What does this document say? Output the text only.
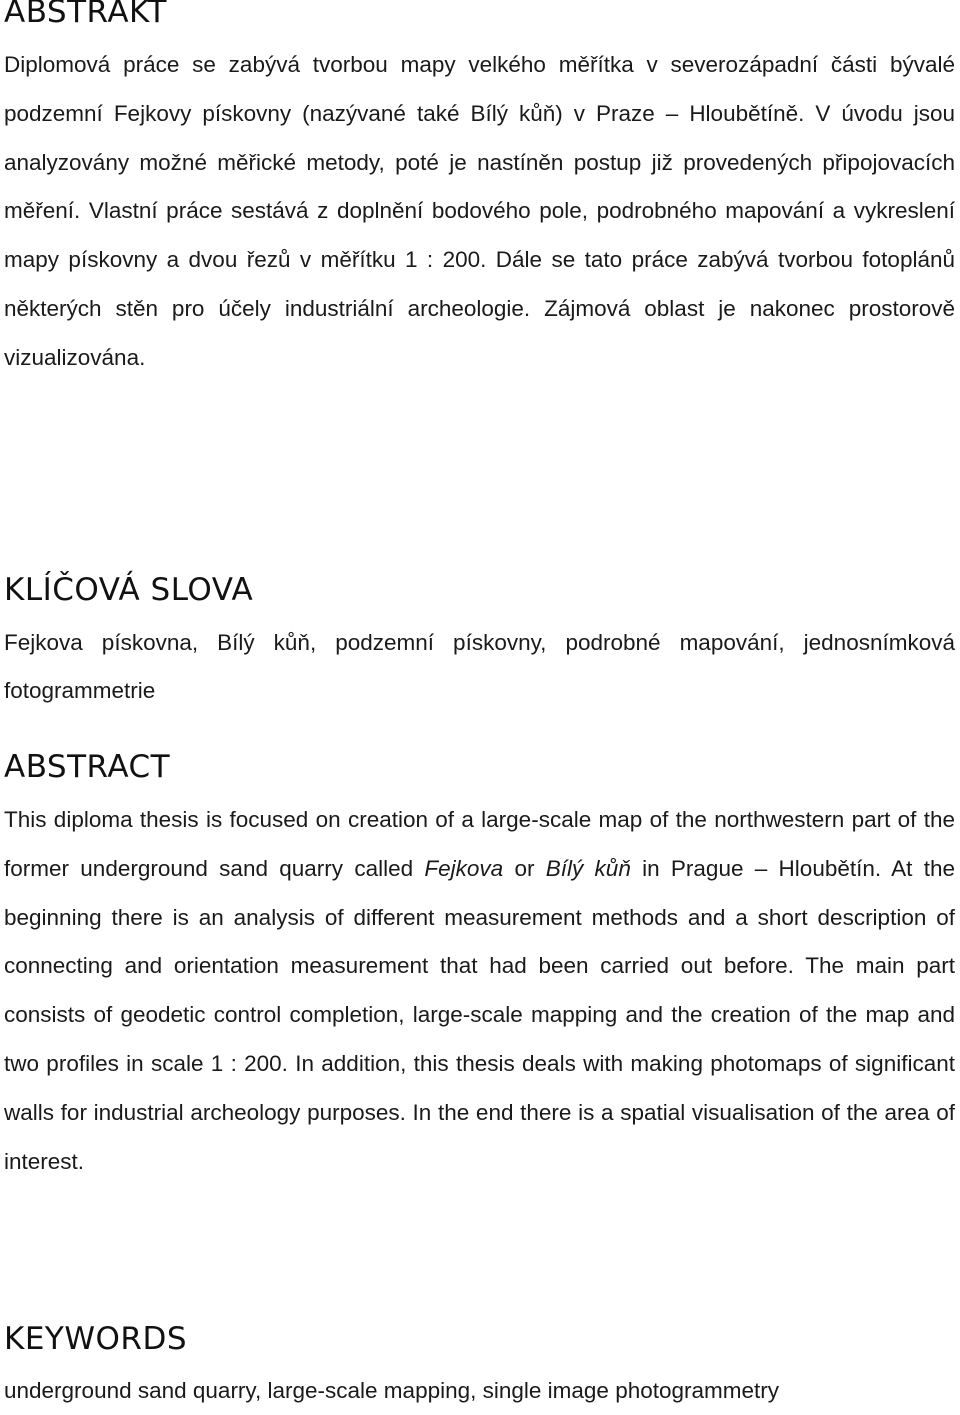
ABSTRAKT

Diplomová práce se zabývá tvorbou mapy velkého měřítka v severozápadní části bývalé podzemní Fejkovy pískovny (nazývané také Bílý kůň) v Praze – Hloubětíně. V úvodu jsou analyzovány možné měřické metody, poté je nastíněn postup již provedených připojovacích měření. Vlastní práce sestává z doplnění bodového pole, podrobného mapování a vykreslení mapy pískovny a dvou řezů v měřítku 1 : 200. Dále se tato práce zabývá tvorbou fotoplánů některých stěn pro účely industriální archeologie. Zájmová oblast je nakonec prostorově vizualizována.

KLÍČOVÁ SLOVA

Fejkova pískovna, Bílý kůň, podzemní pískovny, podrobné mapování, jednosnímková fotogrammetrie

ABSTRACT

This diploma thesis is focused on creation of a large-scale map of the northwestern part of the former underground sand quarry called Fejkova or Bílý kůň in Prague – Hloubětín. At the beginning there is an analysis of different measurement methods and a short description of connecting and orientation measurement that had been carried out before. The main part consists of geodetic control completion, large-scale mapping and the creation of the map and two profiles in scale 1 : 200. In addition, this thesis deals with making photomaps of significant walls for industrial archeology purposes. In the end there is a spatial visualisation of the area of interest.

KEYWORDS

underground sand quarry, large-scale mapping, single image photogrammetry
